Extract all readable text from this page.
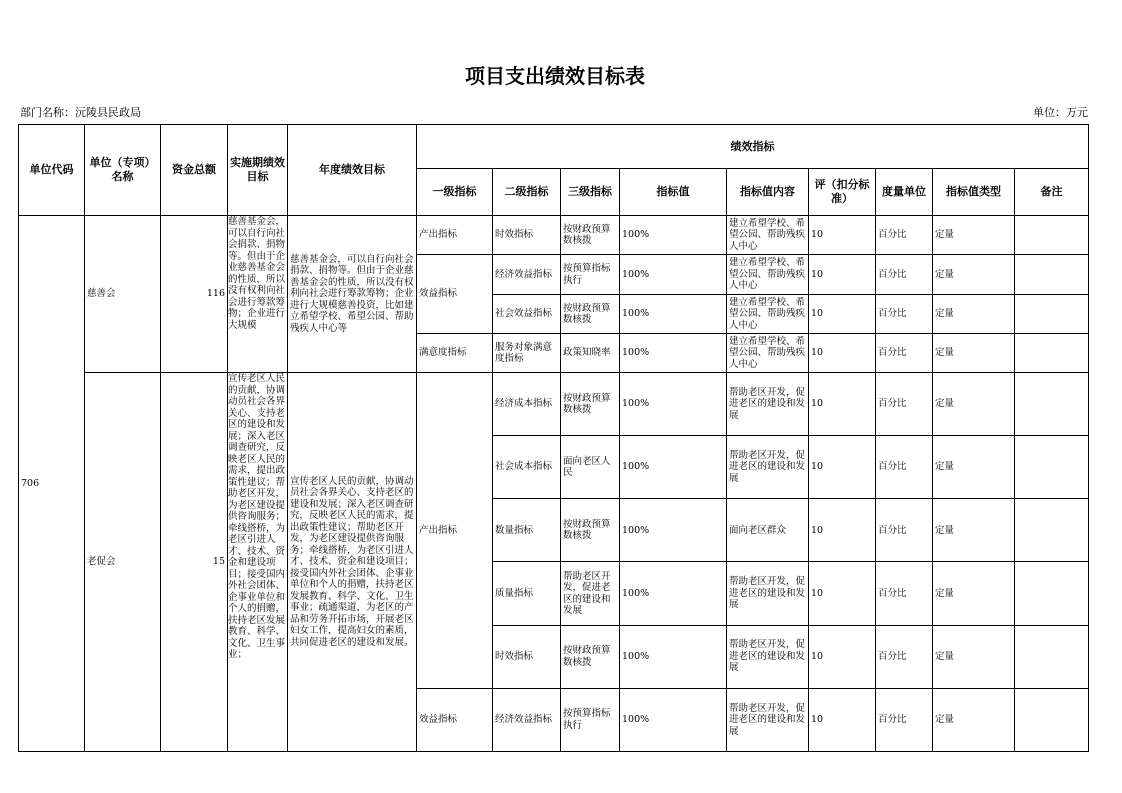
项目支出绩效目标表
部门名称：沅陵县民政局	单位：万元
单位代码	单位（专项）名称	资金总额	实施期绩效目标	年度绩效目标	绩效指标								
					一级指标	二级指标	三级指标	指标值	指标值内容	评（扣分标准）	度量单位	指标值类型	备注
706	慈善会	116	慈善基金会，可以自行向社会捐款、捐物等。但由于企业慈善基金会的性质，所以没有权利向社会进行筹款筹物；企业进行大规模	慈善基金会，可以自行向社会捐款、捐物等。但由于企业慈善基金会的性质，所以没有权利向社会进行筹款筹物；企业进行大规模慈善投资，比如建立希望学校、希望公园、帮助残疾人中心等	产出指标	时效指标	按财政预算数核拨	100%	建立希望学校、希望公园、帮助残疾人中心	10	百分比	定量	
					效益指标	经济效益指标	按预算指标执行	100%	建立希望学校、希望公园、帮助残疾人中心	10	百分比	定量	
						社会效益指标	按财政预算数核拨	100%	建立希望学校、希望公园、帮助残疾人中心	10	百分比	定量	
					满意度指标	服务对象满意度指标	政策知晓率	100%	建立希望学校、希望公园、帮助残疾人中心	10	百分比	定量	
	老促会	15	宣传老区人民的贡献，协调动员社会各界关心、支持老区的建设和发展；深入老区调查研究，反映老区人民的需求，提出政策性建议；帮助老区开发，为老区建设提供咨询服务；牵线搭桥，为老区引进人才、技术、资金和建设项目；接受国内外社会团体、企事业单位和个人的捐赠，扶持老区发展教育、科学、文化、卫生事业；	宣传老区人民的贡献，协调动员社会各界关心、支持老区的建设和发展；深入老区调查研究，反映老区人民的需求，提出政策性建议；帮助老区开发，为老区建设提供咨询服务；牵线搭桥，为老区引进人才、技术、资金和建设项目；接受国内外社会团体、企事业单位和个人的捐赠，扶持老区发展教育、科学、文化、卫生事业；疏通渠道，为老区的产品和劳务开拓市场，开展老区妇女工作，提高妇女的素质，共同促进老区的建设和发展。	产出指标	经济成本指标	按财政预算数核拨	100%	帮助老区开发，促进老区的建设和发展	10	百分比	定量	
						社会成本指标	面向老区人民	100%	帮助老区开发，促进老区的建设和发展	10	百分比	定量	
						数量指标	按财政预算数核拨	100%	面向老区群众	10	百分比	定量	
						质量指标	帮助老区开发，促进老区的建设和发展	100%	帮助老区开发，促进老区的建设和发展	10	百分比	定量	
						时效指标	按财政预算数核拨	100%	帮助老区开发，促进老区的建设和发展	10	百分比	定量	
					效益指标	经济效益指标	按预算指标执行	100%	帮助老区开发，促进老区的建设和发展	10	百分比	定量	
